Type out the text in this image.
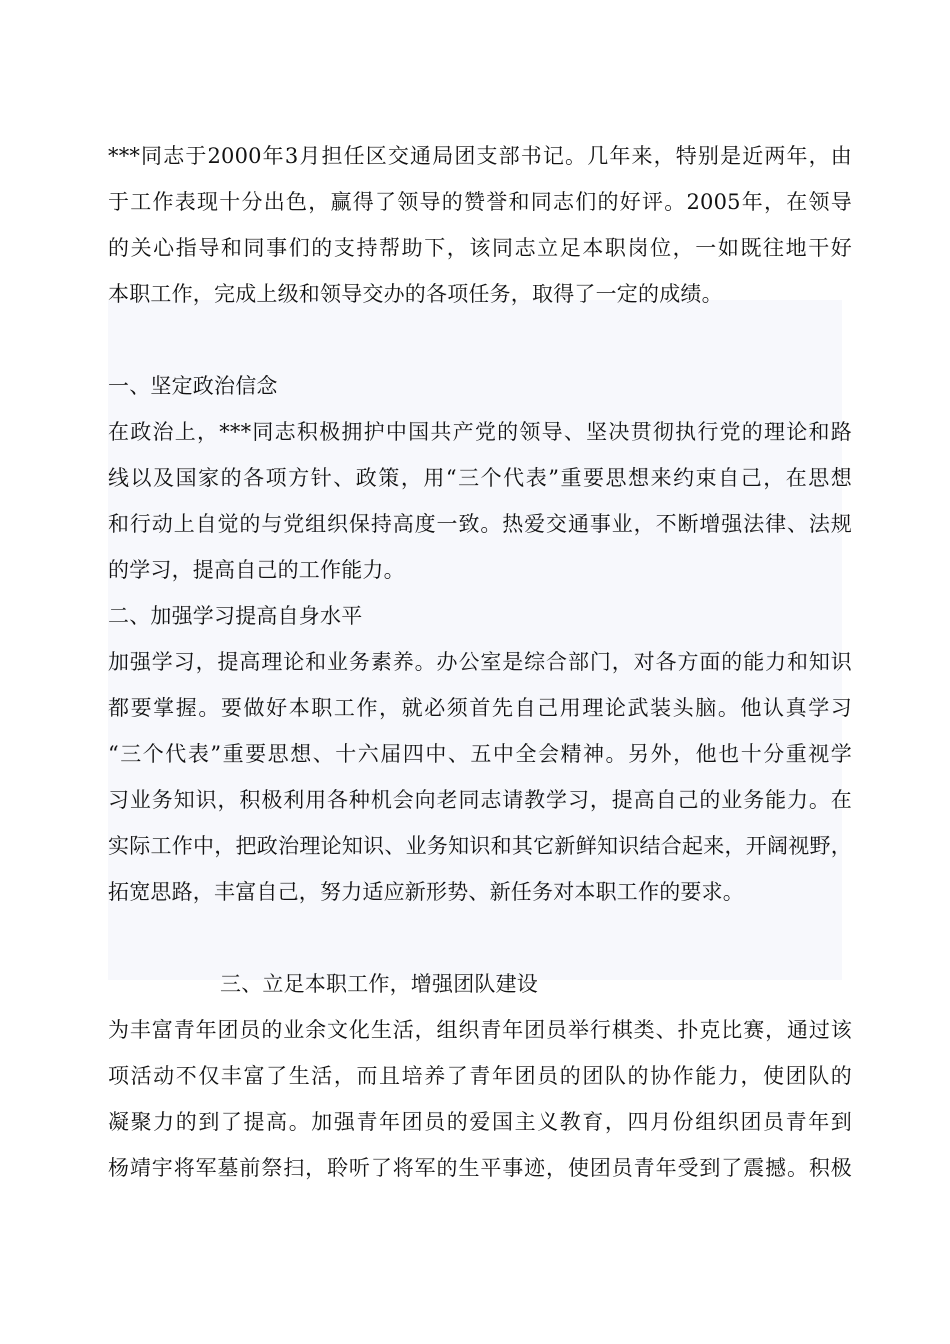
***同志于2000年3月担任区交通局团支部书记。几年来，特别是近两年，由
于工作表现十分出色，赢得了领导的赞誉和同志们的好评。2005年，在领导
的关心指导和同事们的支持帮助下，该同志立足本职岗位，一如既往地干好
本职工作，完成上级和领导交办的各项任务，取得了一定的成绩。
一、坚定政治信念
在政治上，***同志积极拥护中国共产党的领导、坚决贯彻执行党的理论和路
线以及国家的各项方针、政策，用“三个代表”重要思想来约束自己，在思想
和行动上自觉的与党组织保持高度一致。热爱交通事业，不断增强法律、法规
的学习，提高自己的工作能力。
二、加强学习提高自身水平
加强学习，提高理论和业务素养。办公室是综合部门，对各方面的能力和知识
都要掌握。要做好本职工作，就必须首先自己用理论武装头脑。他认真学习
“三个代表”重要思想、十六届四中、五中全会精神。另外，他也十分重视学
习业务知识，积极利用各种机会向老同志请教学习，提高自己的业务能力。在
实际工作中，把政治理论知识、业务知识和其它新鲜知识结合起来，开阔视野，
拓宽思路，丰富自己，努力适应新形势、新任务对本职工作的要求。
三、立足本职工作，增强团队建设
为丰富青年团员的业余文化生活，组织青年团员举行棋类、扑克比赛，通过该
项活动不仅丰富了生活，而且培养了青年团员的团队的协作能力，使团队的
凝聚力的到了提高。加强青年团员的爱国主义教育，四月份组织团员青年到
杨靖宇将军墓前祭扫，聆听了将军的生平事迹，使团员青年受到了震撼。积极
